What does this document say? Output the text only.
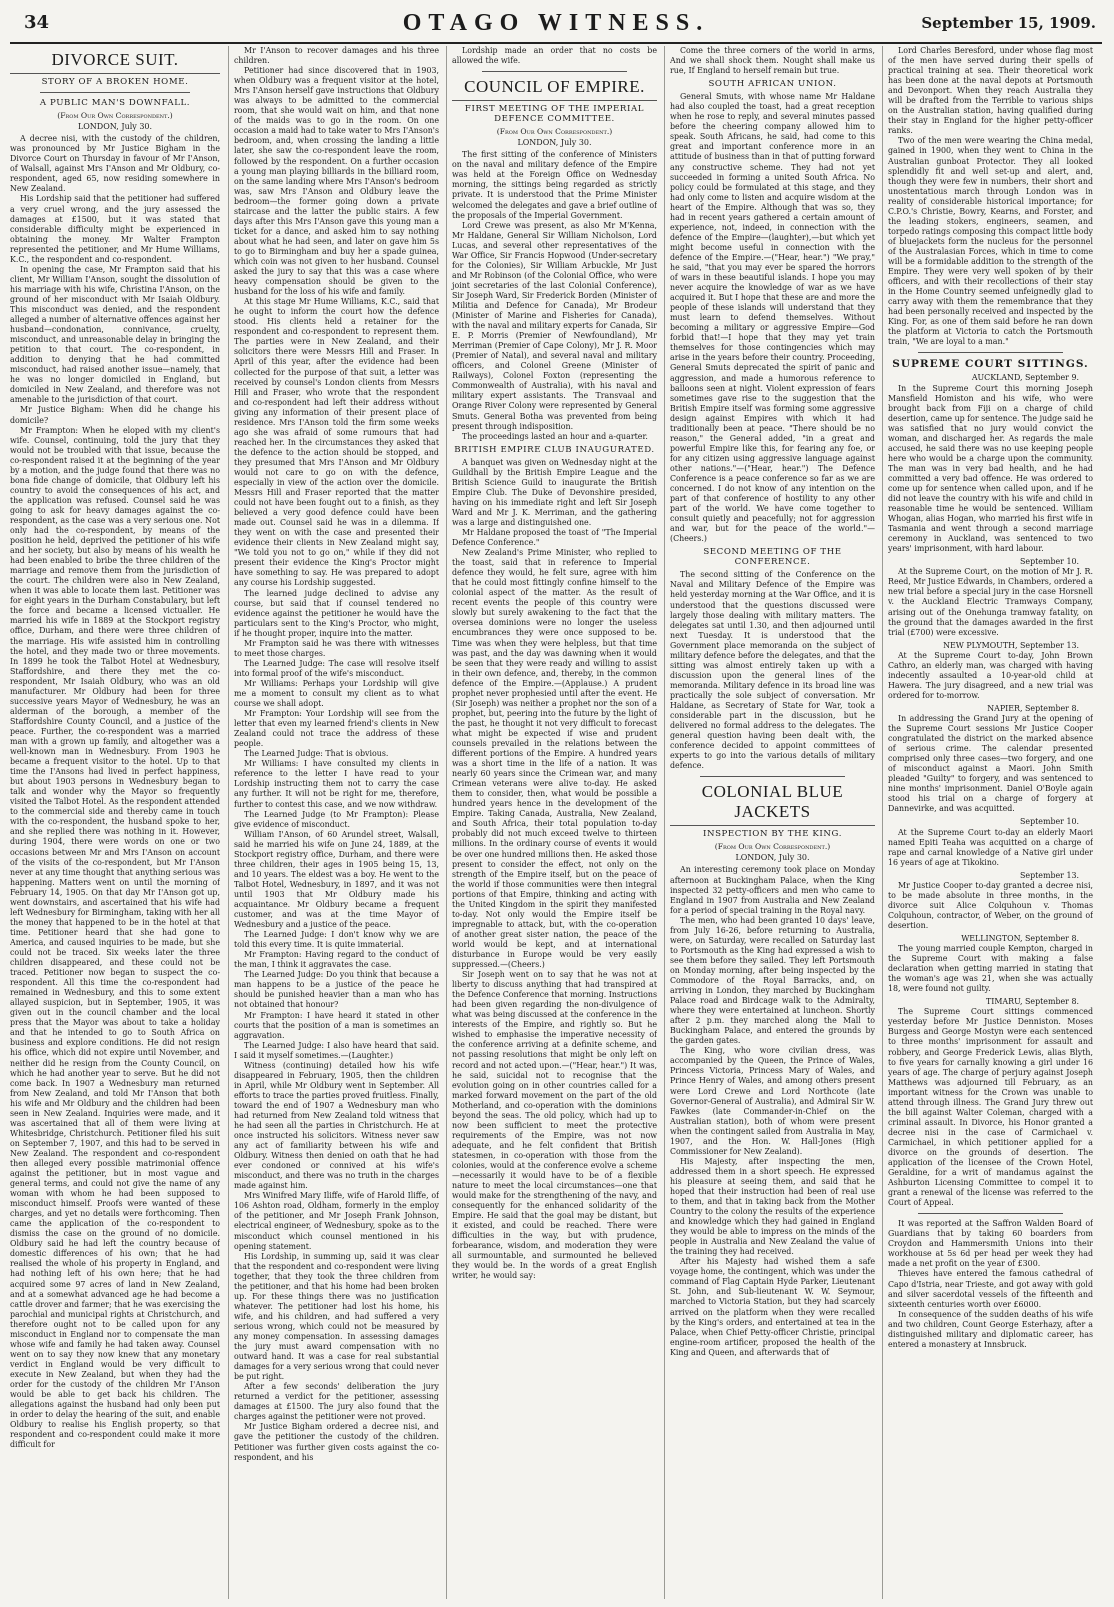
34	OTAGO WITNESS.	September 15, 1909.
DIVORCE SUIT.
STORY OF A BROKEN HOME.
A PUBLIC MAN'S DOWNFALL.
(From Our Own Correspondent.)
LONDON, July 30.

A decree nisi, with the custody of the children, was pronounced by Mr Justice Bigham in the Divorce Court on Thursday in favour of Mr I'Anson, of Walsall, against Mrs I'Anson and Mr Oldbury, co-respondent, aged 65, now residing somewhere in New Zealand.

His Lordship said that the petitioner had suffered a very cruel wrong, and the jury assessed the damages at £1500, but it was stated that considerable difficulty might be experienced in obtaining the money. Mr Walter Frampton represented the petitioner, and Mr Hume Williams, K.C., the respondent and co-respondent.

In opening the case, Mr Frampton said that his client, Mr William I'Anson, sought the dissolution of his marriage with his wife, Christina I'Anson, on the ground of her misconduct with Mr Isaiah Oldbury. This misconduct was denied, and the respondent alleged a number of alternative offences against her husband—condonation, connivance, cruelty, misconduct, and unreasonable delay in bringing the petition to that court. The co-respondent, in addition to denying that he had committed misconduct, had raised another issue—namely, that he was no longer domiciled in England, but domiciled in New Zealand, and therefore was not amenable to the jurisdiction of that court.

Mr Justice Bigham: When did he change his domicile?

Mr Frampton: When he eloped with my client's wife. Counsel, continuing, told the jury that they would not be troubled with that issue, because the co-respondent raised it at the beginning of the year by a motion, and the judge found that there was no bona fide change of domicile, that Oldbury left his country to avoid the consequences of his act, and the application was refused. Counsel said he was going to ask for heavy damages against the co-respondent, as the case was a very serious one. Not only had the co-respondent, by means of the position he held, deprived the petitioner of his wife and her society, but also by means of his wealth he had been enabled to bribe the three children of the marriage and remove them from the jurisdiction of the court. The children were also in New Zealand, when it was able to locate them last. Petitioner was for eight years in the Durham Constabulary, but left the force and became a licensed victualler. He married his wife in 1889 at the Stockport registry office, Durham, and there were three children of the marriage. His wife assisted him in controlling the hotel, and they made two or three movements. In 1899 he took the Talbot Hotel at Wednesbury, Staffordshire, and there they met the co-respondent, Mr Isaiah Oldbury, who was an old manufacturer. Mr Oldbury had been for three successive years Mayor of Wednesbury, he was an alderman of the borough, a member of the Staffordshire County Council, and a justice of the peace. Further, the co-respondent was a married man with a grown up family, and altogether was a well-known man in Wednesbury. From 1903 he became a frequent visitor to the hotel. Up to that time the I'Ansons had lived in perfect happiness, but about 1903 persons in Wednesbury began to talk and wonder why the Mayor so frequently visited the Talbot Hotel. As the respondent attended to the commercial side and thereby came in touch with the co-respondent, the husband spoke to her, and she replied there was nothing in it. However, during 1904, there were words on one or two occasions between Mr and Mrs I'Anson on account of the visits of the co-respondent, but Mr I'Anson never at any time thought that anything serious was happening. Matters went on until the morning of February 14, 1905. On that day Mr I'Anson got up, went downstairs, and ascertained that his wife had left Wednesbury for Birmingham, taking with her all the money that happened to be in the hotel at that time. Petitioner heard that she had gone to America, and caused inquiries to be made, but she could not be traced. Six weeks later the three children disappeared, and these could not be traced. Petitioner now began to suspect the co-respondent. All this time the co-respondent had remained in Wednesbury, and this to some extent allayed suspicion, but in September, 1905, it was given out in the council chamber and the local press that the Mayor was about to take a holiday and that he intended to go to South Africa on business and explore conditions. He did not resign his office, which did not expire until November, and neither did he resign from the County Council, on which he had another year to serve. But he did not come back. In 1907 a Wednesbury man returned from New Zealand, and told Mr I'Anson that both his wife and Mr Oldbury and the children had been seen in New Zealand. Inquiries were made, and it was ascertained that all of them were living at Whitesbridge, Christchurch. Petitioner filed his suit on September 7, 1907, and this had to be served in New Zealand. The respondent and co-respondent then alleged every possible matrimonial offence against the petitioner, but in most vague and general terms, and could not give the name of any woman with whom he had been supposed to misconduct himself. Proofs were wanted of these charges, and yet no details were forthcoming. Then came the application of the co-respondent to dismiss the case on the ground of no domicile. Oldbury said he had left the country because of domestic differences of his own; that he had realised the whole of his property in England, and had nothing left of his own here; that he had acquired some 97 acres of land in New Zealand, and at a somewhat advanced age he had become a cattle drover and farmer; that he was exercising the parochial and municipal rights at Christchurch, and therefore ought not to be called upon for any misconduct in England nor to compensate the man whose wife and family he had taken away. Counsel went on to say they now knew that any monetary verdict in England would be very difficult to execute in New Zealand, but when they had the order for the custody of the children Mr I'Anson would be able to get back his children. The allegations against the husband had only been put in order to delay the hearing of the suit, and enable Oldbury to realise his English property, so that respondent and co-respondent could make it more difficult for

Mr I'Anson to recover damages and his three children.

Petitioner had since discovered that in 1903, when Oldbury was a frequent visitor at the hotel, Mrs I'Anson herself gave instructions that Oldbury was always to be admitted to the commercial room, that she would wait on him, and that none of the maids was to go in the room. On one occasion a maid had to take water to Mrs I'Anson's bedroom, and, when crossing the landing a little later, she saw the co-respondent leave the room, followed by the respondent. On a further occasion a young man playing billiards in the billiard room, on the same landing where Mrs I'Anson's bedroom was, saw Mrs I'Anson and Oldbury leave the bedroom—the former going down a private staircase and the latter the public stairs. A few days after this Mrs I'Anson gave this young man a ticket for a dance, and asked him to say nothing about what he had seen, and later on gave him 5s to go to Birmingham and buy her a spade guinea, which coin was not given to her husband. Counsel asked the jury to say that this was a case where heavy compensation should be given to the husband for the loss of his wife and family.

At this stage Mr Hume Williams, K.C., said that he ought to inform the court how the defence stood. His clients held a retainer for the respondent and co-respondent to represent them. The parties were in New Zealand, and their solicitors there were Messrs Hill and Fraser. In April of this year, after the evidence had been collected for the purpose of that suit, a letter was received by counsel's London clients from Messrs Hill and Fraser, who wrote that the respondent and co-respondent had left their address without giving any information of their present place of residence. Mrs I'Anson told the firm some weeks ago she was afraid of some rumours that had reached her. In the circumstances they asked that the defence to the action should be stopped, and they presumed that Mrs I'Anson and Mr Oldbury would not care to go on with the defence, especially in view of the action over the domicile. Messrs Hill and Fraser reported that the matter could not have been fought out to a finish, as they believed a very good defence could have been made out. Counsel said he was in a dilemma. If they went on with the case and presented their evidence their clients in New Zealand might say, "We told you not to go on," while if they did not present their evidence the King's Proctor might have something to say. He was prepared to adopt any course his Lordship suggested.

The learned judge declined to advise any course, but said that if counsel tendered no evidence against the petitioner he would have the particulars sent to the King's Proctor, who might, if he thought proper, inquire into the matter.

Mr Frampton said he was there with witnesses to meet those charges.

The Learned Judge: The case will resolve itself into formal proof of the wife's misconduct.

Mr Williams: Perhaps your Lordship will give me a moment to consult my client as to what course we shall adopt.

Mr Frampton: Your Lordship will see from the letter that even my learned friend's clients in New Zealand could not trace the address of these people.

The Learned Judge: That is obvious.

Mr Williams: I have consulted my clients in reference to the letter I have read to your Lordship instructing them not to carry the case any further. It will not be right for me, therefore, further to contest this case, and we now withdraw.

The Learned Judge (to Mr Frampton): Please give evidence of misconduct.

William I'Anson, of 60 Arundel street, Walsall, said he married his wife on June 24, 1889, at the Stockport registry office, Durham, and there were three children, their ages in 1905 being 15, 13, and 10 years. The eldest was a boy. He went to the Talbot Hotel, Wednesbury, in 1897, and it was not until 1903 that Mr Oldbury made his acquaintance. Mr Oldbury became a frequent customer, and was at the time Mayor of Wednesbury and a justice of the peace.

The Learned Judge: I don't know why we are told this every time. It is quite immaterial.

Mr Frampton: Having regard to the conduct of the man, I think it aggravates the case.

The Learned Judge: Do you think that because a man happens to be a justice of the peace he should be punished heavier than a man who has not obtained that honour?

Mr Frampton: I have heard it stated in other courts that the position of a man is sometimes an aggravation.

The Learned Judge: I also have heard that said. I said it myself sometimes.—(Laughter.)

Witness (continuing) detailed how his wife disappeared in February, 1905, then the children in April, while Mr Oldbury went in September. All efforts to trace the parties proved fruitless. Finally, toward the end of 1907 a Wednesbury man who had returned from New Zealand told witness that he had seen all the parties in Christchurch. He at once instructed his solicitors. Witness never saw any act of familiarity between his wife and Oldbury. Witness then denied on oath that he had ever condoned or connived at his wife's misconduct, and there was no truth in the charges made against him.

Mrs Winifred Mary Iliffe, wife of Harold Iliffe, of 106 Ashton road, Oldham, formerly in the employ of the petitioner, and Mr Joseph Frank Johnson, electrical engineer, of Wednesbury, spoke as to the misconduct which counsel mentioned in his opening statement.

His Lordship, in summing up, said it was clear that the respondent and co-respondent were living together, that they took the three children from the petitioner, and that his home had been broken up. For these things there was no justification whatever. The petitioner had lost his home, his wife, and his children, and had suffered a very serious wrong, which could not be measured by any money compensation. In assessing damages the jury must award compensation with no outward hand. It was a case for real substantial damages for a very serious wrong that could never be put right.

After a few seconds' deliberation the jury returned a verdict for the petitioner, assessing damages at £1500. The jury also found that the charges against the petitioner were not proved.

Mr Justice Bigham ordered a decree nisi, and gave the petitioner the custody of the children. Petitioner was further given costs against the co-respondent, and his

Lordship made an order that no costs be allowed the wife.

COUNCIL OF EMPIRE.
FIRST MEETING OF THE IMPERIAL DEFENCE COMMITTEE.
(From Our Own Correspondent.)
LONDON, July 30.

The first sitting of the conference of Ministers on the naval and military defence of the Empire was held at the Foreign Office on Wednesday morning, the sittings being regarded as strictly private. It is understood that the Prime Minister welcomed the delegates and gave a brief outline of the proposals of the Imperial Government.

Lord Crewe was present, as also Mr M'Kenna, Mr Haldane, General Sir William Nicholson, Lord Lucas, and several other representatives of the War Office, Sir Francis Hopwood (Under-secretary for the Colonies), Sir William Arbuckle, Mr Just and Mr Robinson (of the Colonial Office, who were joint secretaries of the last Colonial Conference), Sir Joseph Ward, Sir Frederick Borden (Minister of Militia and Defence for Canada), Mr Brodeur (Minister of Marine and Fisheries for Canada), with the naval and military experts for Canada, Sir E. P. Morris (Premier of Newfoundland), Mr Merriman (Premier of Cape Colony), Mr J. R. Moor (Premier of Natal), and several naval and military officers, and Colonel Greene (Minister of Railways), Colonel Foxton (representing the Commonwealth of Australia), with his naval and military expert assistants. The Transvaal and Orange River Colony were represented by General Smuts. General Botha was prevented from being present through indisposition.

The proceedings lasted an hour and a-quarter.

BRITISH EMPIRE CLUB INAUGURATED.

A banquet was given on Wednesday night at the Guildhall by the British Empire League and the British Science Guild to inaugurate the British Empire Club. The Duke of Devonshire presided, having on his immediate right and left Sir Joseph Ward and Mr J. K. Merriman, and the gathering was a large and distinguished one.

Mr Haldane proposed the toast of "The Imperial Defence Conference."

New Zealand's Prime Minister, who replied to the toast, said that in reference to Imperial defence they would, he felt sure, agree with him that he could most fittingly confine himself to the colonial aspect of the matter. As the result of recent events the people of this country were slowly but surely awakening to the fact that the oversea dominions were no longer the useless encumbrances they were once supposed to be. Time was when they were helpless, but that time was past, and the day was dawning when it would be seen that they were ready and willing to assist in their own defence, and, thereby, in the common defence of the Empire.—(Applause.) A prudent prophet never prophesied until after the event. He (Sir Joseph) was neither a prophet nor the son of a prophet, but, peering into the future by the light of the past, he thought it not very difficult to forecast what might be expected if wise and prudent counsels prevailed in the relations between the different portions of the Empire. A hundred years was a short time in the life of a nation. It was nearly 60 years since the Crimean war, and many Crimean veterans were alive to-day. He asked them to consider, then, what would be possible a hundred years hence in the development of the Empire. Taking Canada, Australia, New Zealand, and South Africa, their total population to-day probably did not much exceed twelve to thirteen millions. In the ordinary course of events it would be over one hundred millions then. He asked those present to consider the effect, not only on the strength of the Empire itself, but on the peace of the world if those communities were then integral portions of that Empire, thinking and acting with the United Kingdom in the spirit they manifested to-day. Not only would the Empire itself be impregnable to attack, but, with the co-operation of another great sister nation, the peace of the world would be kept, and at international disturbance in Europe would be very easily suppressed.—(Cheers.)

Sir Joseph went on to say that he was not at liberty to discuss anything that had transpired at the Defence Conference that morning. Instructions had been given regarding the non-divulgence of what was being discussed at the conference in the interests of the Empire, and rightly so. But he wished to emphasise the imperative necessity of the conference arriving at a definite scheme, and not passing resolutions that might be only left on record and not acted upon.—("Hear, hear.") It was, he said, suicidal not to recognise that the evolution going on in other countries called for a marked forward movement on the part of the old Motherland, and co-operation with the dominions beyond the seas. The old policy, which had up to now been sufficient to meet the protective requirements of the Empire, was not now adequate, and he felt confident that British statesmen, in co-operation with those from the colonies, would at the conference evolve a scheme—necessarily it would have to be of a flexible nature to meet the local circumstances—one that would make for the strengthening of the navy, and consequently for the enhanced solidarity of the Empire. He said that the goal may be distant, but it existed, and could be reached. There were difficulties in the way, but with prudence, forbearance, wisdom, and moderation they were all surmountable, and surmounted he believed they would be. In the words of a great English writer, he would say:

Come the three corners of the world in arms, And we shall shock them. Nought shall make us rue, If England to herself remain but true.

SOUTH AFRICAN UNION.

General Smuts, with whose name Mr Haldane had also coupled the toast, had a great reception when he rose to reply, and several minutes passed before the cheering company allowed him to speak. South Africans, he said, had come to this great and important conference more in an attitude of business than in that of putting forward any constructive scheme. They had not yet succeeded in forming a united South Africa. No policy could be formulated at this stage, and they had only come to listen and acquire wisdom at the heart of the Empire. Although that was so, they had in recent years gathered a certain amount of experience, not, indeed, in connection with the defence of the Empire—(laughter),—but which yet might become useful in connection with the defence of the Empire.—("Hear, hear.") "We pray," he said, "that you may ever be spared the horrors of wars in these beautiful islands. I hope you may never acquire the knowledge of war as we have acquired it. But I hope that these are and more the people of these islands will understand that they must learn to defend themselves. Without becoming a military or aggressive Empire—God forbid that!—I hope that they may yet train themselves for those contingencies which may arise in the years before their country. Proceeding, General Smuts deprecated the spirit of panic and aggression, and made a humorous reference to balloons seen at night. Violent expression of fears sometimes gave rise to the suggestion that the British Empire itself was forming some aggressive design against Empires with which it had traditionally been at peace. "There should be no reason," the General added, "in a great and powerful Empire like this, for fearing any foe, or for any citizen using aggressive language against other nations."—("Hear, hear.") The Defence Conference is a peace conference so far as we are concerned. I do not know of any intention on the part of that conference of hostility to any other part of the world. We have come together to consult quietly and peacefully; not for aggression and war, but for the peace of the world."—(Cheers.)

SECOND MEETING OF THE CONFERENCE.

The second sitting of the Conference on the Naval and Military Defence of the Empire was held yesterday morning at the War Office, and it is understood that the questions discussed were largely those dealing with military matters. The delegates sat until 1.30, and then adjourned until next Tuesday. It is understood that the Government place memoranda on the subject of military defence before the delegates, and that the sitting was almost entirely taken up with a discussion upon the general lines of the memoranda. Military defence in its broad line was practically the sole subject of conversation. Mr Haldane, as Secretary of State for War, took a considerable part in the discussion, but he delivered no formal address to the delegates. The general question having been dealt with, the conference decided to appoint committees of experts to go into the various details of military defence.

COLONIAL BLUE JACKETS
INSPECTION BY THE KING.
(From Our Own Correspondent.)
LONDON, July 30.

An interesting ceremony took place on Monday afternoon at Buckingham Palace, when the King inspected 32 petty-officers and men who came to England in 1907 from Australia and New Zealand for a period of special training in the Royal navy.

The men, who had been granted 10 days' leave, from July 16-26, before returning to Australia, were, on Saturday, were recalled on Saturday last to Portsmouth as the King had expressed a wish to see them before they sailed. They left Portsmouth on Monday morning, after being inspected by the Commodore of the Royal Barracks, and, on arriving in London, they marched by Buckingham Palace road and Birdcage walk to the Admiralty, where they were entertained at luncheon. Shortly after 2 p.m. they marched along the Mall to Buckingham Palace, and entered the grounds by the garden gates.

The King, who wore civilian dress, was accompanied by the Queen, the Prince of Wales, Princess Victoria, Princess Mary of Wales, and Prince Henry of Wales, and among others present were Lord Crewe and Lord Northcote (late Governor-General of Australia), and Admiral Sir W. Fawkes (late Commander-in-Chief on the Australian station), both of whom were present when the contingent sailed from Australia in May, 1907, and the Hon. W. Hall-Jones (High Commissioner for New Zealand).

His Majesty, after inspecting the men, addressed them in a short speech. He expressed his pleasure at seeing them, and said that he hoped that their instruction had been of real use to them, and that in taking back from the Mother Country to the colony the results of the experience and knowledge which they had gained in England they would be able to impress on the minds of the people in Australia and New Zealand the value of the training they had received.

After his Majesty had wished them a safe voyage home, the contingent, which was under the command of Flag Captain Hyde Parker, Lieutenant St. John, and Sub-lieutenant W. W. Seymour, marched to Victoria Station, but they had scarcely arrived on the platform when they were recalled by the King's orders, and entertained at tea in the Palace, when Chief Petty-officer Christie, principal engine-room artificer, proposed the health of the King and Queen, and afterwards that of

Lord Charles Beresford, under whose flag most of the men have served during their spells of practical training at sea. Their theoretical work has been done at the naval depots at Portsmouth and Devonport. When they reach Australia they will be drafted from the Terrible to various ships on the Australian station, having qualified during their stay in England for the higher petty-officer ranks.

Two of the men were wearing the China medal, gained in 1900, when they went to China in the Australian gunboat Protector. They all looked splendidly fit and well set-up and alert, and, though they were few in numbers, their short and unostentatious march through London was in reality of considerable historical importance; for C.P.O.'s Christie, Bowry, Kearns, and Forster, and the leading stokers, engineers, seamen, and torpedo ratings composing this compact little body of bluejackets form the nucleus for the personnel of the Australasian Forces, which in time to come will be a formidable addition to the strength of the Empire. They were very well spoken of by their officers, and with their recollections of their stay in the Home Country seemed unfeignedly glad to carry away with them the remembrance that they had been personally received and inspected by the King. For, as one of them said before he ran down the platform at Victoria to catch the Portsmouth train, "We are loyal to a man."

SUPREME COURT SITTINGS.
AUCKLAND, September 9.

In the Supreme Court this morning Joseph Mansfield Homiston and his wife, who were brought back from Fiji on a charge of child desertion, came up for sentence. The judge said he was satisfied that no jury would convict the woman, and discharged her. As regards the male accused, he said there was no use keeping people here who would be a charge upon the community. The man was in very bad health, and he had committed a very bad offence. He was ordered to come up for sentence when called upon, and if he did not leave the country with his wife and child in reasonable time he would be sentenced. William Whogan, alias Hogan, who married his first wife in Tasmania and went through a second marriage ceremony in Auckland, was sentenced to two years' imprisonment, with hard labour.

September 10.

At the Supreme Court, on the motion of Mr J. R. Reed, Mr Justice Edwards, in Chambers, ordered a new trial before a special jury in the case Horsnell v. the Auckland Electric Tramways Company, arising out of the Onehunga tramway fatality, on the ground that the damages awarded in the first trial (£700) were excessive.

NEW PLYMOUTH, September 13.

At the Supreme Court to-day, John Brown Cathro, an elderly man, was charged with having indecently assaulted a 10-year-old child at Hawera. The jury disagreed, and a new trial was ordered for to-morrow.

NAPIER, September 8.

In addressing the Grand Jury at the opening of the Supreme Court sessions Mr Justice Cooper congratulated the district on the marked absence of serious crime. The calendar presented comprised only three cases—two forgery, and one of misconduct against a Maori. John Smith pleaded "Guilty" to forgery, and was sentenced to nine months' imprisonment. Daniel O'Boyle again stood his trial on a charge of forgery at Dannevirke, and was acquitted.

September 10.

At the Supreme Court to-day an elderly Maori named Epiti Teaha was acquitted on a charge of rape and carnal knowledge of a Native girl under 16 years of age at Tikokino.

September 13.

Mr Justice Cooper to-day granted a decree nisi, to be made absolute in three months, in the divorce suit Alice Colquhoun v. Thomas Colquhoun, contractor, of Weber, on the ground of desertion.

WELLINGTON, September 8.

The young married couple Kempton, charged in the Supreme Court with making a false declaration when getting married in stating that the woman's age was 21, when she was actually 18, were found not guilty.

TIMARU, September 8.

The Supreme Court sittings commenced yesterday before Mr Justice Denniston. Moses Burgess and George Mostyn were each sentenced to three months' imprisonment for assault and robbery, and George Frederick Lewis, alias Blyth, to five years for carnally knowing a girl under 16 years of age. The charge of perjury against Joseph Matthews was adjourned till February, as an important witness for the Crown was unable to attend through illness. The Grand Jury threw out the bill against Walter Coleman, charged with a criminal assault. In Divorce, his Honor granted a decree nisi in the case of Carmichael v. Carmichael, in which petitioner applied for a divorce on the grounds of desertion. The application of the licensee of the Crown Hotel, Geraldine, for a writ of mandamus against the Ashburton Licensing Committee to compel it to grant a renewal of the license was referred to the Court of Appeal.

It was reported at the Saffron Walden Board of Guardians that by taking 60 boarders from Croydon and Hammersmith Unions into their workhouse at 5s 6d per head per week they had made a net profit on the year of £300.

Thieves have entered the famous cathedral of Capo d'Istria, near Trieste, and got away with gold and silver sacerdotal vessels of the fifteenth and sixteenth centuries worth over £6000.

In consequence of the sudden deaths of his wife and two children, Count George Esterhazy, after a distinguished military and diplomatic career, has entered a monastery at Innsbruck.
